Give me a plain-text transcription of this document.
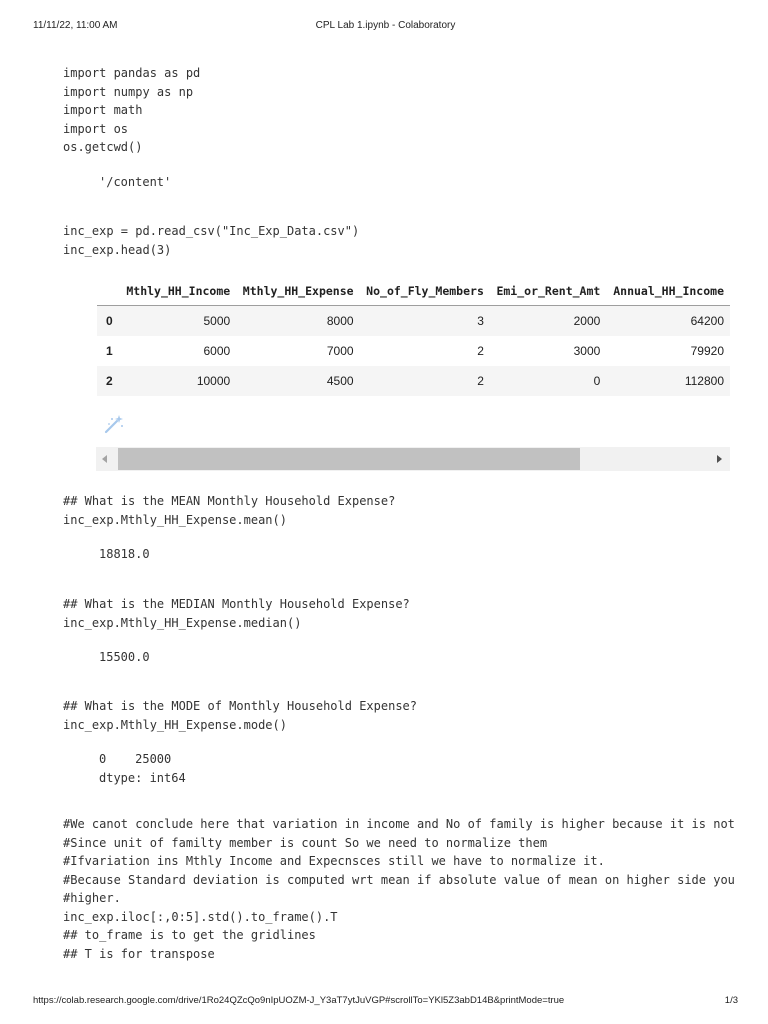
11/11/22, 11:00 AM	CPL Lab 1.ipynb - Colaboratory
import pandas as pd
import numpy as np
import math
import os
os.getcwd()
'/content'
inc_exp = pd.read_csv("Inc_Exp_Data.csv")
inc_exp.head(3)
	Mthly_HH_Income	Mthly_HH_Expense	No_of_Fly_Members	Emi_or_Rent_Amt	Annual_HH_Income
0	5000	8000	3	2000	64200
1	6000	7000	2	3000	79920
2	10000	4500	2	0	112800
## What is the MEAN Monthly Household Expense?
inc_exp.Mthly_HH_Expense.mean()
18818.0
## What is the MEDIAN Monthly Household Expense?
inc_exp.Mthly_HH_Expense.median()
15500.0
## What is the MODE of Monthly Household Expense?
inc_exp.Mthly_HH_Expense.mode()
0    25000
dtype: int64
#We canot conclude here that variation in income and No of family is higher because it is not
#Since unit of familty member is count So we need to normalize them
#Ifvariation ins Mthly Income and Expecnsces still we have to normalize it.
#Because Standard deviation is computed wrt mean if absolute value of mean on higher side you
#higher.
inc_exp.iloc[:,0:5].std().to_frame().T
## to_frame is to get the gridlines
## T is for transpose
https://colab.research.google.com/drive/1Ro24QZcQo9nIpUOZM-J_Y3aT7ytJuVGP#scrollTo=YKl5Z3abD14B&printMode=true	1/3
